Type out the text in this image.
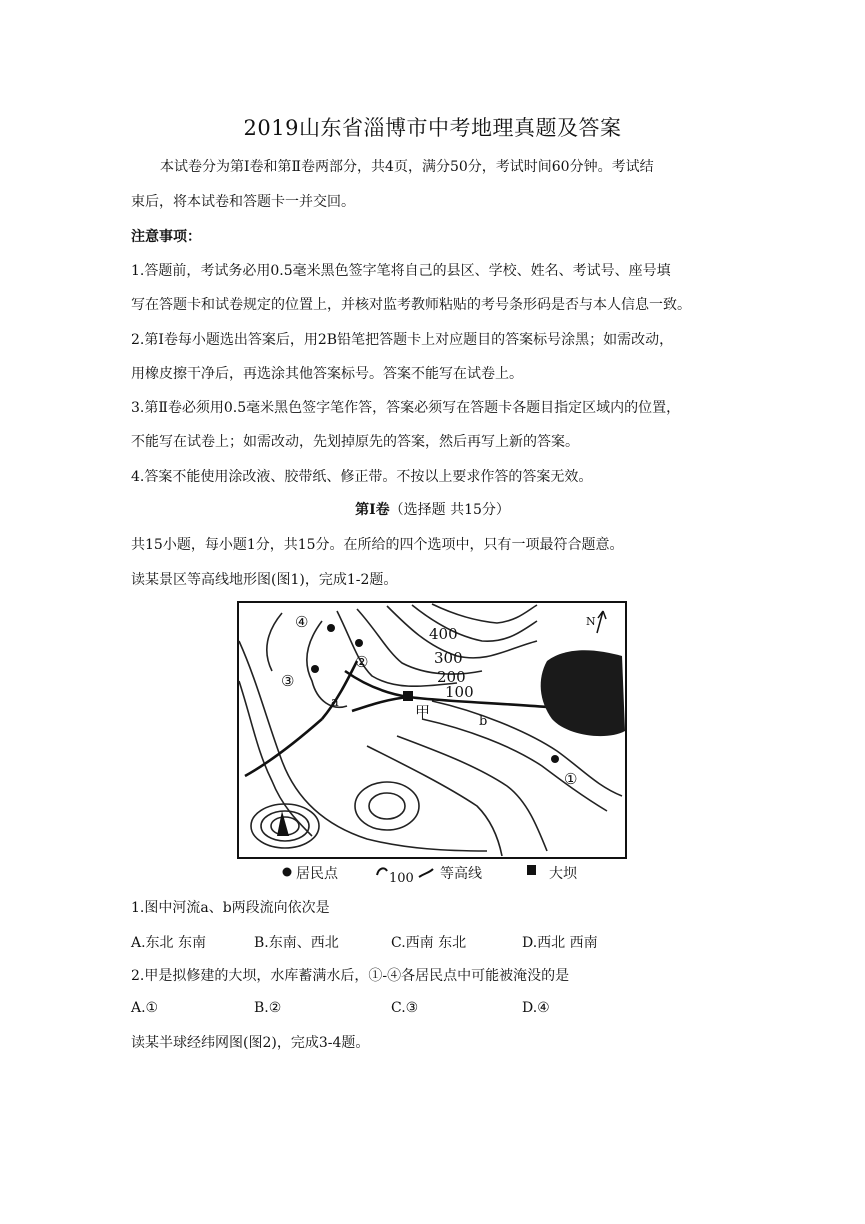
2019山东省淄博市中考地理真题及答案
本试卷分为第Ⅰ卷和第Ⅱ卷两部分，共4页，满分50分，考试时间60分钟。考试结
束后，将本试卷和答题卡一并交回。
注意事项：
1.答题前，考试务必用0.5毫米黑色签字笔将自己的县区、学校、姓名、考试号、座号填
写在答题卡和试卷规定的位置上，并核对监考教师粘贴的考号条形码是否与本人信息一致。
2.第Ⅰ卷每小题选出答案后，用2B铅笔把答题卡上对应题目的答案标号涂黑；如需改动，
用橡皮擦干净后，再选涂其他答案标号。答案不能写在试卷上。
3.第Ⅱ卷必须用0.5毫米黑色签字笔作答，答案必须写在答题卡各题目指定区域内的位置，
不能写在试卷上；如需改动，先划掉原先的答案，然后再写上新的答案。
4.答案不能使用涂改液、胶带纸、修正带。不按以上要求作答的答案无效。
第Ⅰ卷（选择题 共15分）
共15小题，每小题1分，共15分。在所给的四个选项中，只有一项最符合题意。
读某景区等高线地形图(图1)，完成1-2题。
400
300
200
100
a
b
甲
①
②
③
④	N
居民点	100 等高线	大坝
1.图中河流a、b两段流向依次是
A.东北 东南	B.东南、西北	C.西南 东北	D.西北 西南
2.甲是拟修建的大坝，水库蓄满水后，①-④各居民点中可能被淹没的是
A.①	B.②	C.③	D.④
读某半球经纬网图(图2)，完成3-4题。
